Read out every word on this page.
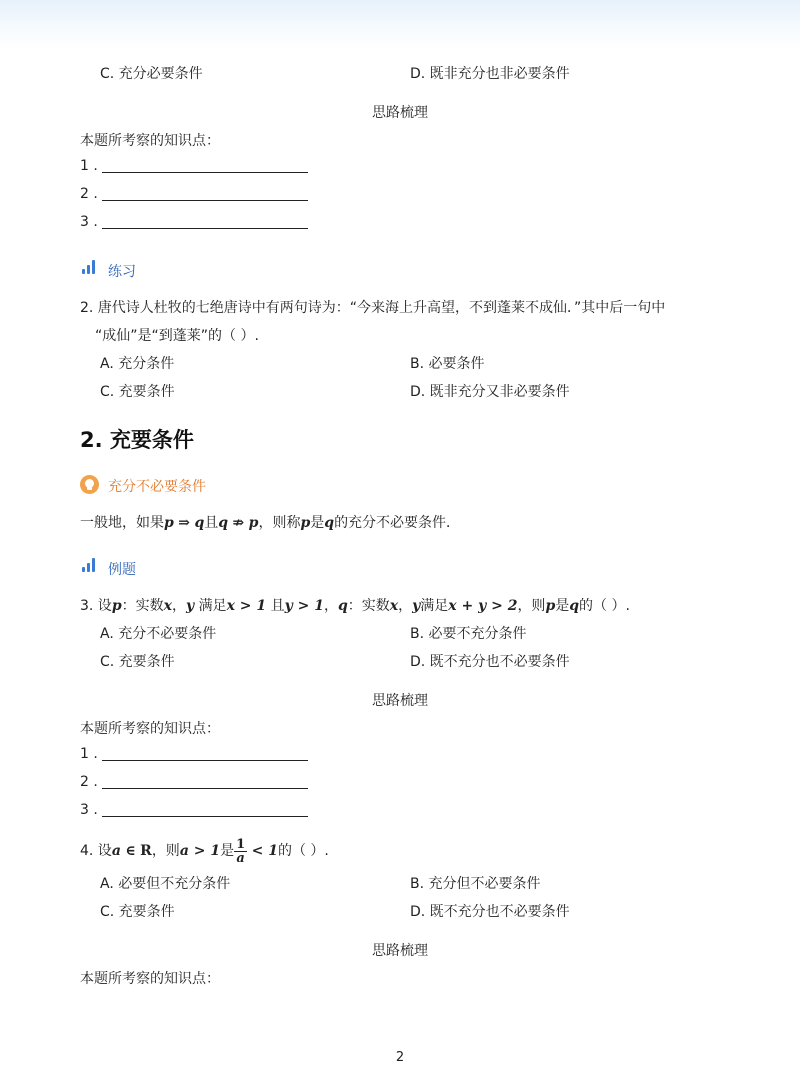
C. 充分必要条件	D. 既非充分也非必要条件
思路梳理
本题所考察的知识点：
1 .
2 .
3 .
练习
2. 唐代诗人杜牧的七绝唐诗中有两句诗为：“今来海上升高望，不到蓬莱不成仙．”其中后一句中
“成仙”是“到蓬莱”的（ ）.
A. 充分条件	B. 必要条件
C. 充要条件	D. 既非充分又非必要条件
2. 充要条件
充分不必要条件
一般地，如果p ⇒ q且q ⇏ p，则称p是q的充分不必要条件．
例题
3. 设p：实数x，y 满足x > 1 且y > 1，q：实数x，y满足x + y > 2，则p是q的（ ）.
A. 充分不必要条件	B. 必要不充分条件
C. 充要条件	D. 既不充分也不必要条件
思路梳理
本题所考察的知识点：
1 .
2 .
3 .
4. 设a ∈ R，则a > 1是 $\frac{1}{a} < 1$的（ ）.
A. 必要但不充分条件	B. 充分但不必要条件
C. 充要条件	D. 既不充分也不必要条件
思路梳理
本题所考察的知识点：
2
